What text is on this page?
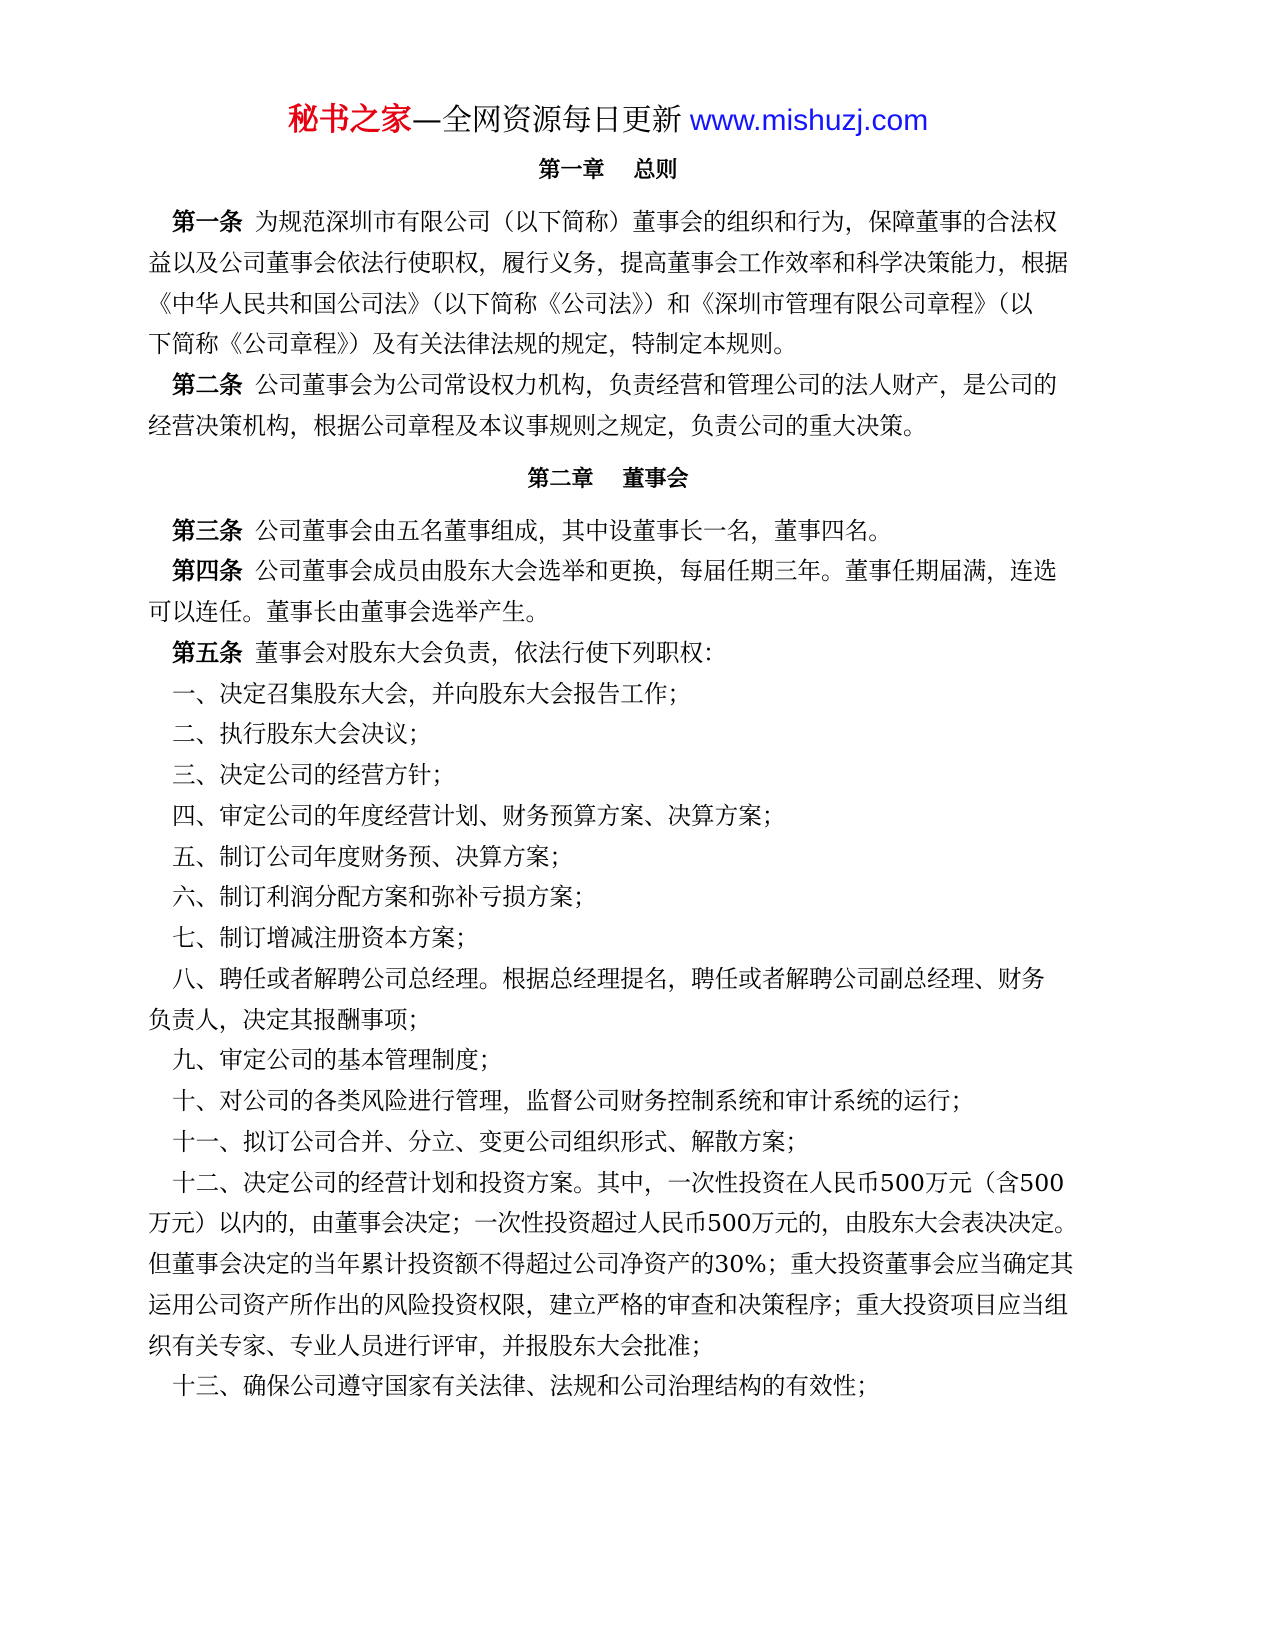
秘书之家—全网资源每日更新 www.mishuzj.com
第一章 总则
第一条 为规范深圳市有限公司（以下简称）董事会的组织和行为，保障董事的合法权
益以及公司董事会依法行使职权，履行义务，提高董事会工作效率和科学决策能力，根据
《中华人民共和国公司法》（以下简称《公司法》）和《深圳市管理有限公司章程》（以
下简称《公司章程》）及有关法律法规的规定，特制定本规则。
第二条 公司董事会为公司常设权力机构，负责经营和管理公司的法人财产，是公司的
经营决策机构，根据公司章程及本议事规则之规定，负责公司的重大决策。
第二章 董事会
第三条 公司董事会由五名董事组成，其中设董事长一名，董事四名。
第四条 公司董事会成员由股东大会选举和更换，每届任期三年。董事任期届满，连选
可以连任。董事长由董事会选举产生。
第五条 董事会对股东大会负责，依法行使下列职权：
一、决定召集股东大会，并向股东大会报告工作；
二、执行股东大会决议；
三、决定公司的经营方针；
四、审定公司的年度经营计划、财务预算方案、决算方案；
五、制订公司年度财务预、决算方案；
六、制订利润分配方案和弥补亏损方案；
七、制订增减注册资本方案；
八、聘任或者解聘公司总经理。根据总经理提名，聘任或者解聘公司副总经理、财务
负责人，决定其报酬事项；
九、审定公司的基本管理制度；
十、对公司的各类风险进行管理，监督公司财务控制系统和审计系统的运行；
十一、拟订公司合并、分立、变更公司组织形式、解散方案；
十二、决定公司的经营计划和投资方案。其中，一次性投资在人民币500万元（含500
万元）以内的，由董事会决定；一次性投资超过人民币500万元的，由股东大会表决决定。
但董事会决定的当年累计投资额不得超过公司净资产的30%；重大投资董事会应当确定其
运用公司资产所作出的风险投资权限，建立严格的审查和决策程序；重大投资项目应当组
织有关专家、专业人员进行评审，并报股东大会批准；
十三、确保公司遵守国家有关法律、法规和公司治理结构的有效性；
